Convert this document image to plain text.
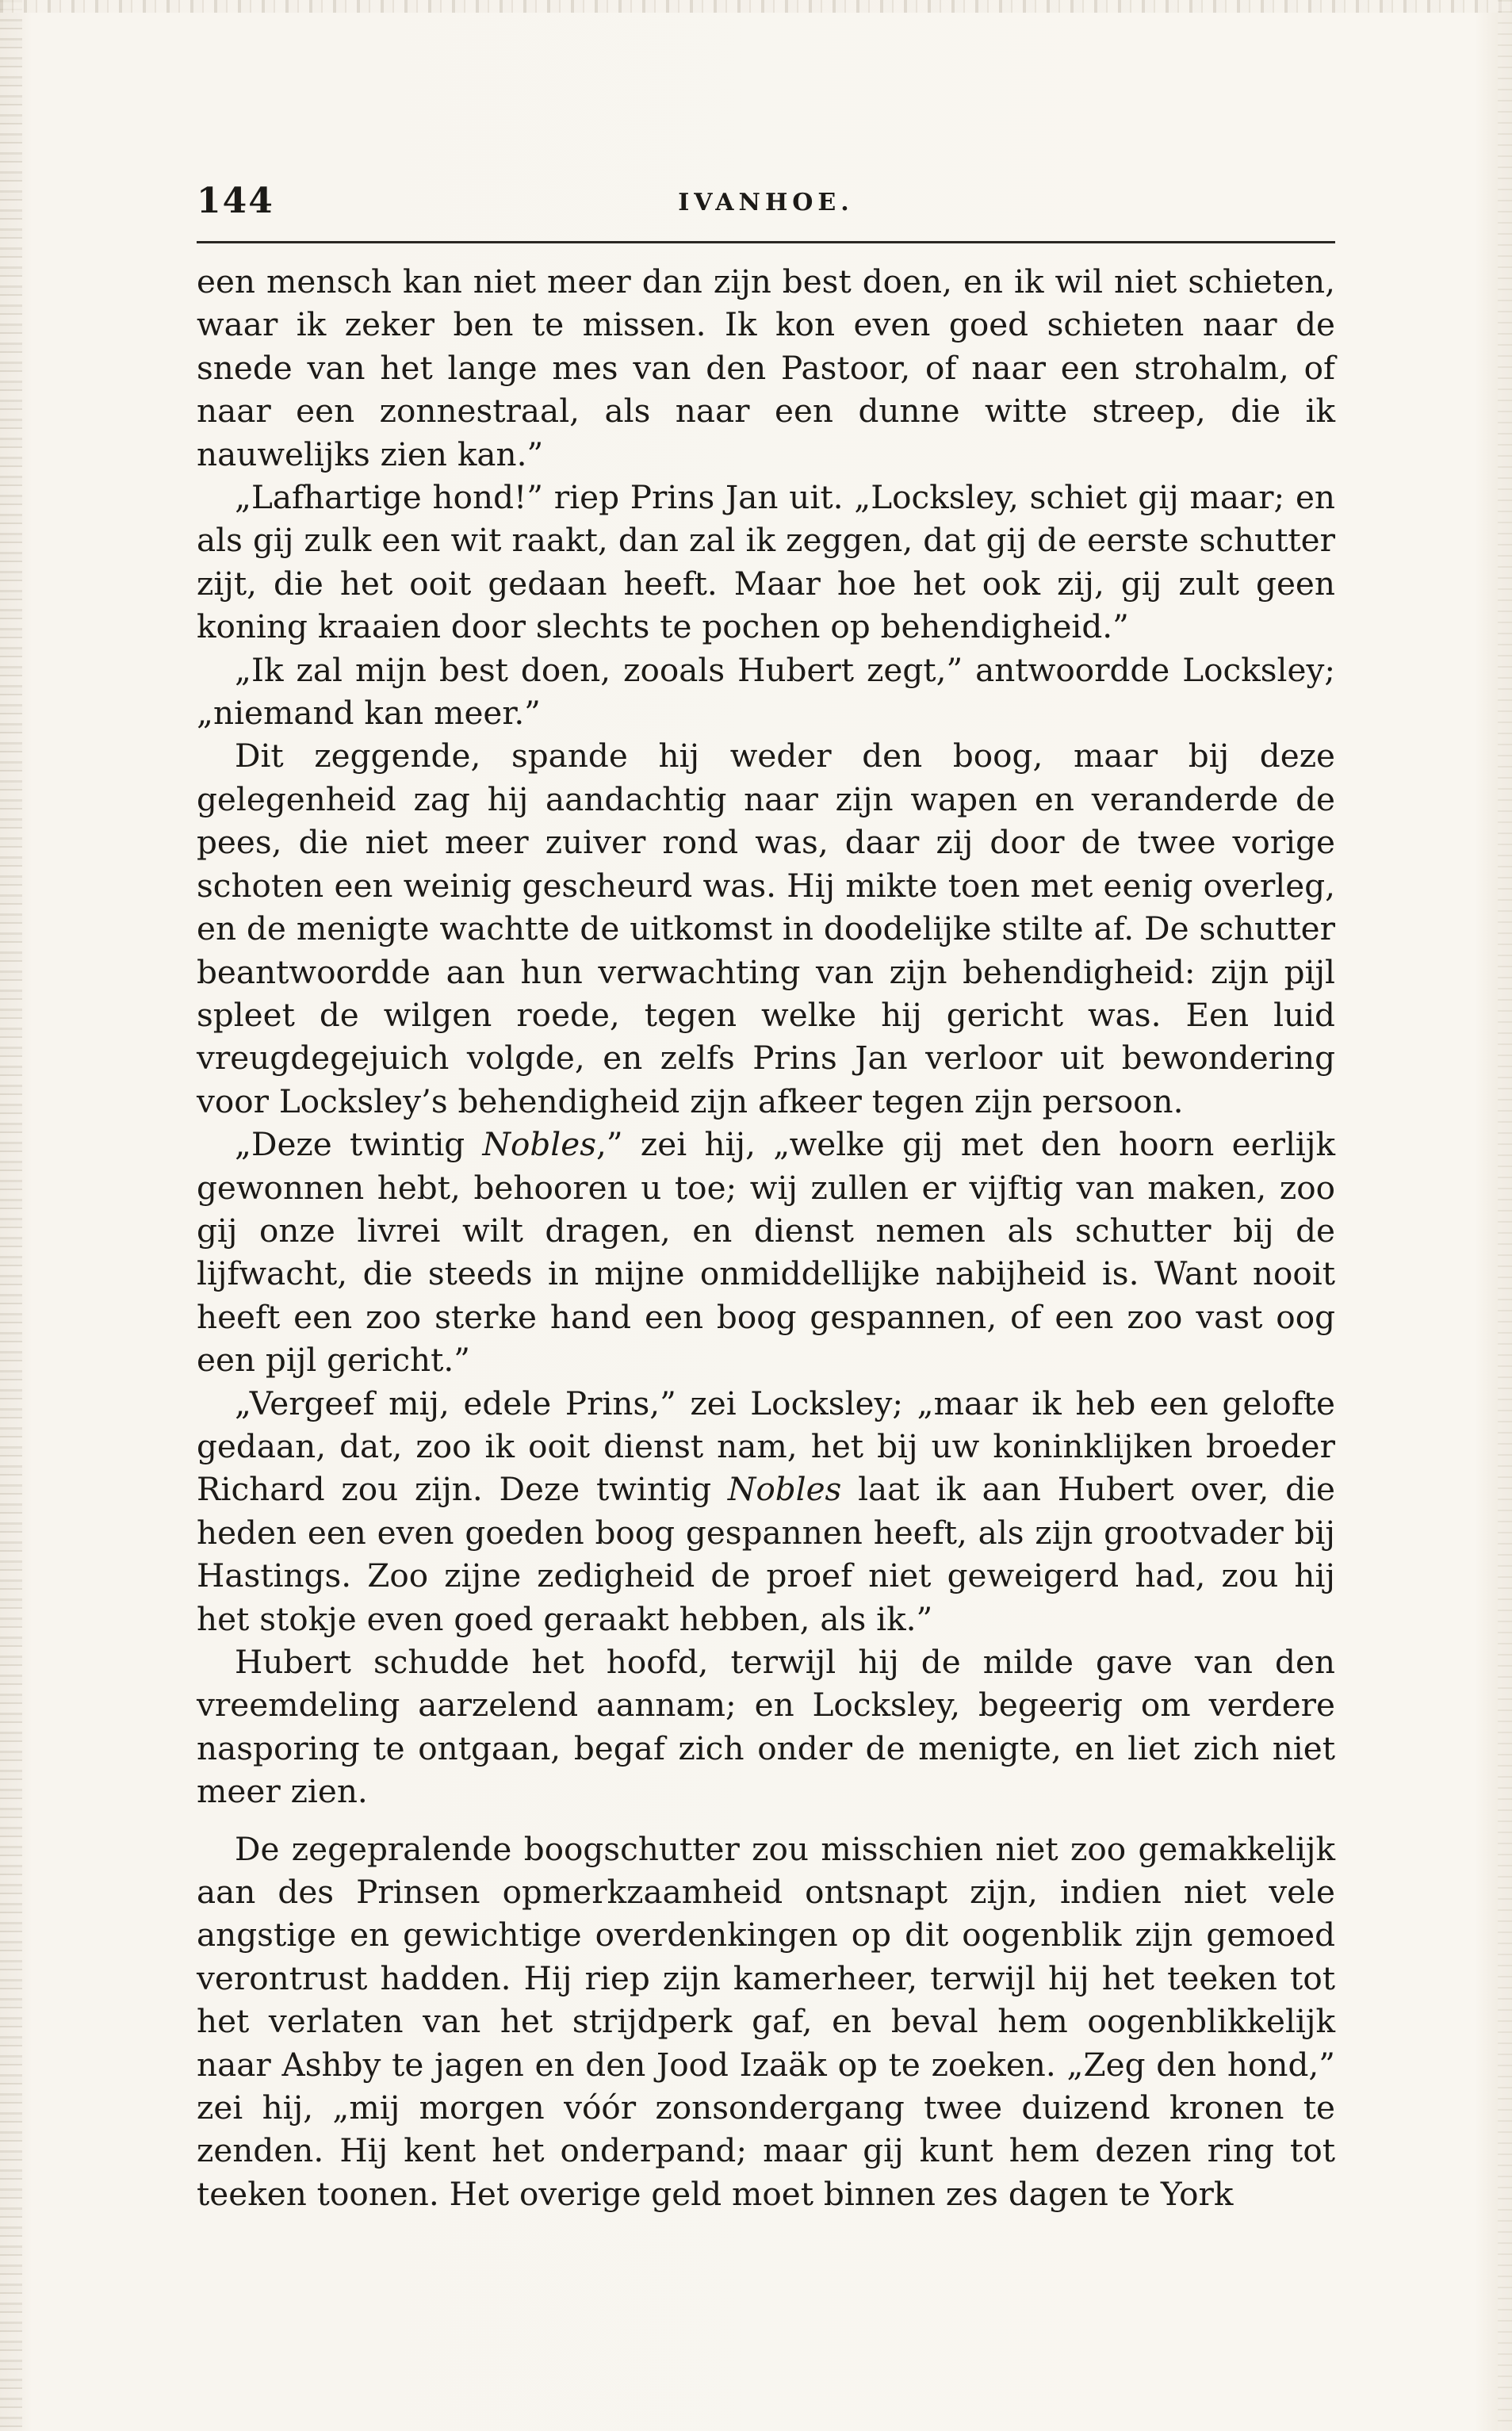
144	IVANHOE.

een mensch kan niet meer dan zijn best doen, en ik wil niet schieten, waar ik zeker ben te missen. Ik kon even goed schieten naar de snede van het lange mes van den Pastoor, of naar een strohalm, of naar een zonnestraal, als naar een dunne witte streep, die ik nauwelijks zien kan.”

„Lafhartige hond!” riep Prins Jan uit. „Locksley, schiet gij maar; en als gij zulk een wit raakt, dan zal ik zeggen, dat gij de eerste schutter zijt, die het ooit gedaan heeft. Maar hoe het ook zij, gij zult geen koning kraaien door slechts te pochen op behendigheid.”

„Ik zal mijn best doen, zooals Hubert zegt,” antwoordde Locksley; „niemand kan meer.”

Dit zeggende, spande hij weder den boog, maar bij deze gelegenheid zag hij aandachtig naar zijn wapen en veranderde de pees, die niet meer zuiver rond was, daar zij door de twee vorige schoten een weinig gescheurd was. Hij mikte toen met eenig overleg, en de menigte wachtte de uitkomst in doodelijke stilte af. De schutter beantwoordde aan hun verwachting van zijn behendigheid: zijn pijl spleet de wilgen roede, tegen welke hij gericht was. Een luid vreugdegejuich volgde, en zelfs Prins Jan verloor uit bewondering voor Locksley’s behendigheid zijn afkeer tegen zijn persoon.

„Deze twintig Nobles,” zei hij, „welke gij met den hoorn eerlijk gewonnen hebt, behooren u toe; wij zullen er vijftig van maken, zoo gij onze livrei wilt dragen, en dienst nemen als schutter bij de lijfwacht, die steeds in mijne onmiddellijke nabijheid is. Want nooit heeft een zoo sterke hand een boog gespannen, of een zoo vast oog een pijl gericht.”

„Vergeef mij, edele Prins,” zei Locksley; „maar ik heb een gelofte gedaan, dat, zoo ik ooit dienst nam, het bij uw koninklijken broeder Richard zou zijn. Deze twintig Nobles laat ik aan Hubert over, die heden een even goeden boog gespannen heeft, als zijn grootvader bij Hastings. Zoo zijne zedigheid de proef niet geweigerd had, zou hij het stokje even goed geraakt hebben, als ik.”

Hubert schudde het hoofd, terwijl hij de milde gave van den vreemdeling aarzelend aannam; en Locksley, begeerig om verdere nasporing te ontgaan, begaf zich onder de menigte, en liet zich niet meer zien.

De zegepralende boogschutter zou misschien niet zoo gemakkelijk aan des Prinsen opmerkzaamheid ontsnapt zijn, indien niet vele angstige en gewichtige overdenkingen op dit oogenblik zijn gemoed verontrust hadden. Hij riep zijn kamerheer, terwijl hij het teeken tot het verlaten van het strijdperk gaf, en beval hem oogenblikkelijk naar Ashby te jagen en den Jood Izaäk op te zoeken. „Zeg den hond,” zei hij, „mij morgen vóór zonsondergang twee duizend kronen te zenden. Hij kent het onderpand; maar gij kunt hem dezen ring tot teeken toonen. Het overige geld moet binnen zes dagen te York
